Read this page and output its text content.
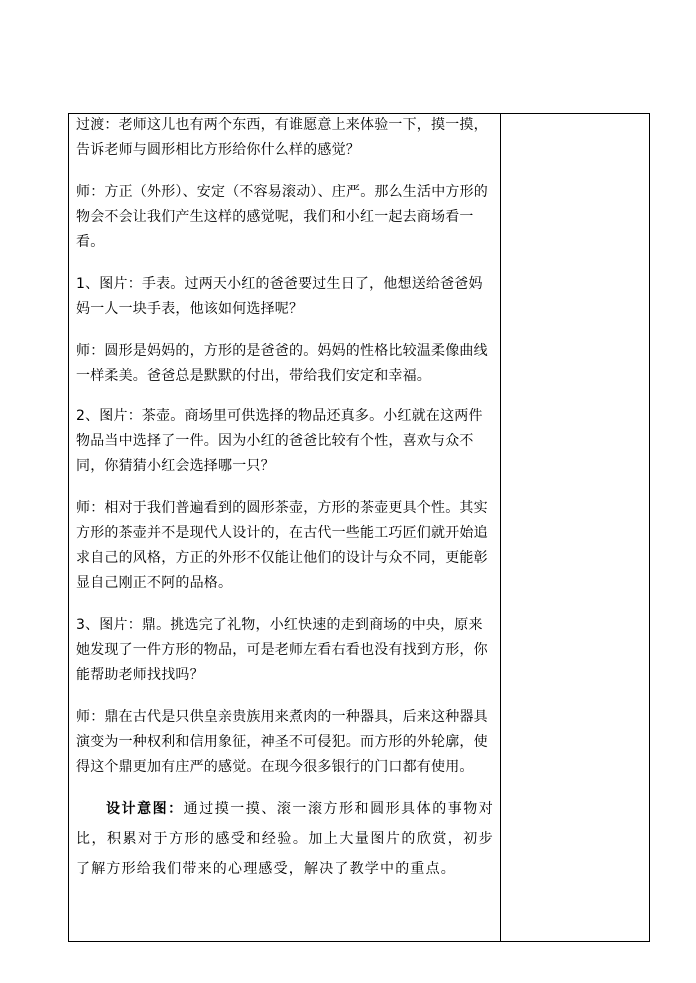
过渡：老师这儿也有两个东西，有谁愿意上来体验一下，摸一摸，告诉老师与圆形相比方形给你什么样的感觉？

师：方正（外形）、安定（不容易滚动）、庄严。那么生活中方形的物会不会让我们产生这样的感觉呢，我们和小红一起去商场看一看。

1、图片：手表。过两天小红的爸爸要过生日了，他想送给爸爸妈妈一人一块手表，他该如何选择呢？

师：圆形是妈妈的，方形的是爸爸的。妈妈的性格比较温柔像曲线一样柔美。爸爸总是默默的付出，带给我们安定和幸福。

2、图片：茶壶。商场里可供选择的物品还真多。小红就在这两件物品当中选择了一件。因为小红的爸爸比较有个性，喜欢与众不同，你猜猜小红会选择哪一只？

师：相对于我们普遍看到的圆形茶壶，方形的茶壶更具个性。其实方形的茶壶并不是现代人设计的，在古代一些能工巧匠们就开始追求自己的风格，方正的外形不仅能让他们的设计与众不同，更能彰显自己刚正不阿的品格。

3、图片：鼎。挑选完了礼物，小红快速的走到商场的中央，原来她发现了一件方形的物品，可是老师左看右看也没有找到方形，你能帮助老师找找吗？

师：鼎在古代是只供皇亲贵族用来煮肉的一种器具，后来这种器具演变为一种权利和信用象征，神圣不可侵犯。而方形的外轮廓，使得这个鼎更加有庄严的感觉。在现今很多银行的门口都有使用。

设计意图：通过摸一摸、滚一滚方形和圆形具体的事物对比，积累对于方形的感受和经验。加上大量图片的欣赏，初步了解方形给我们带来的心理感受，解决了教学中的重点。
